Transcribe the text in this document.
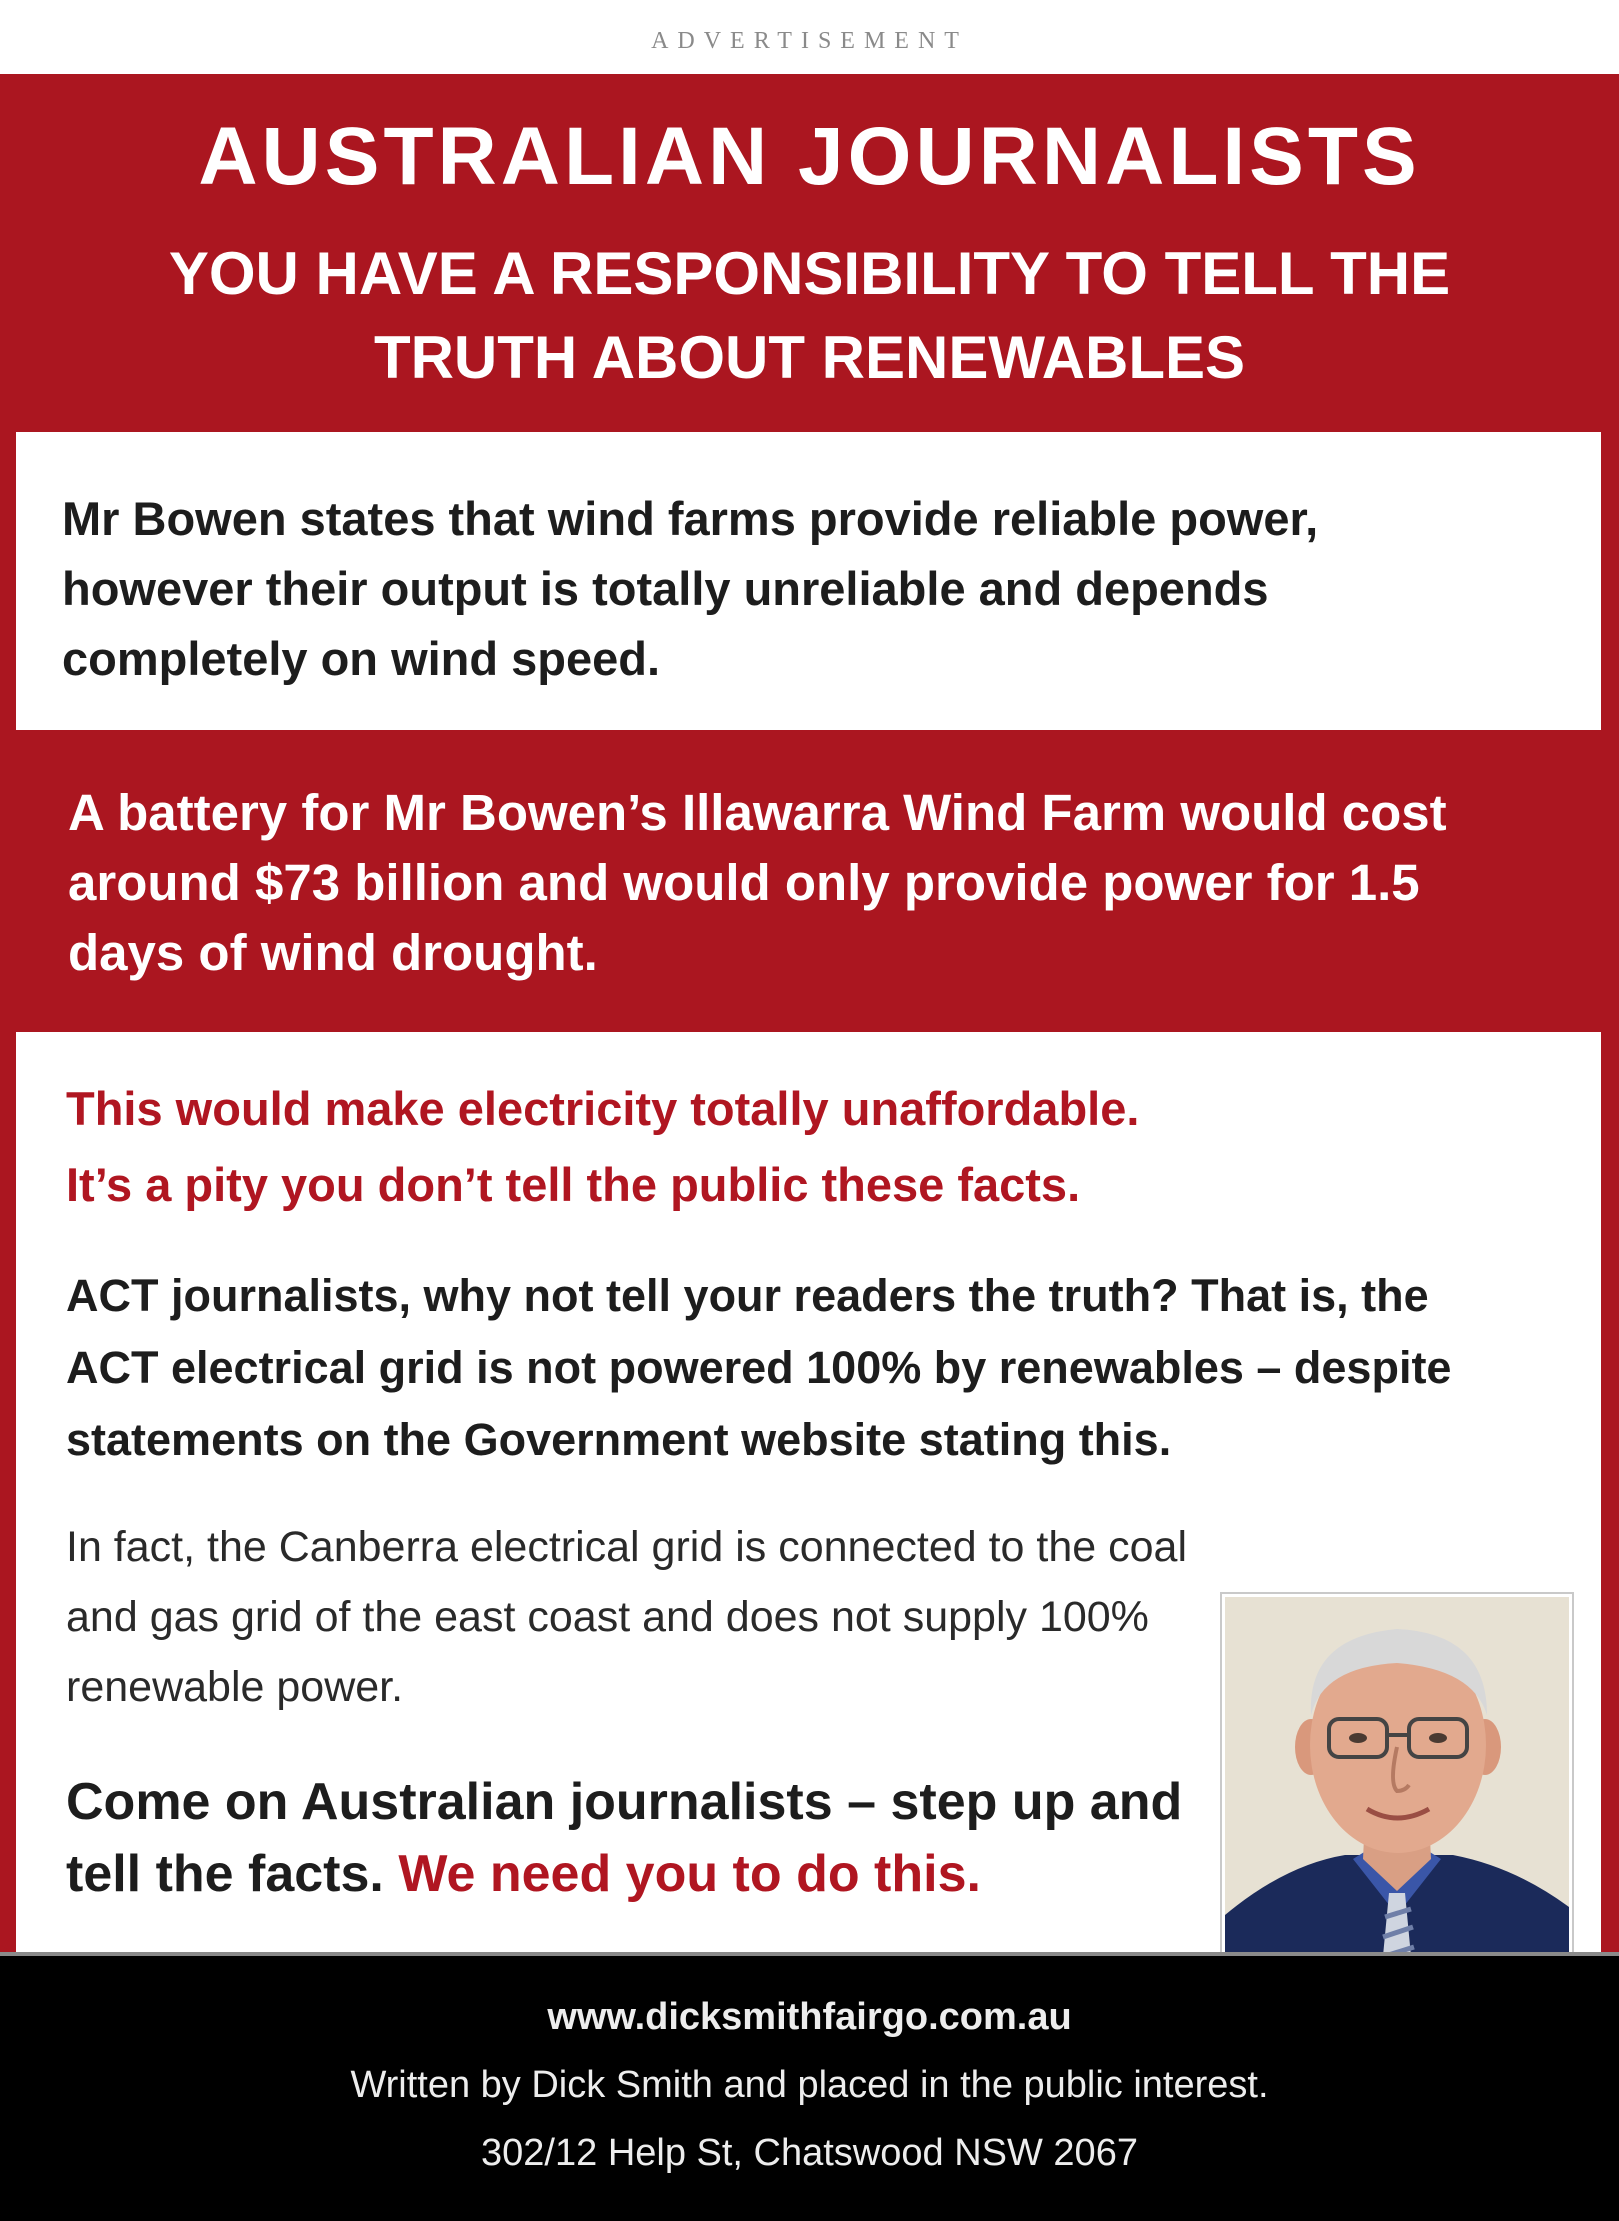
ADVERTISEMENT
AUSTRALIAN JOURNALISTS
YOU HAVE A RESPONSIBILITY TO TELL THE
TRUTH ABOUT RENEWABLES

Mr Bowen states that wind farms provide reliable power, however their output is totally unreliable and depends completely on wind speed.

A battery for Mr Bowen’s Illawarra Wind Farm would cost around $73 billion and would only provide power for 1.5 days of wind drought.

This would make electricity totally unaffordable.

It’s a pity you don’t tell the public these facts.

ACT journalists, why not tell your readers the truth? That is, the ACT electrical grid is not powered 100% by renewables – despite statements on the Government website stating this.

In fact, the Canberra electrical grid is connected to the coal and gas grid of the east coast and does not supply 100% renewable power.

Come on Australian journalists – step up and tell the facts. We need you to do this.

www.dicksmithfairgo.com.au

Written by Dick Smith and placed in the public interest.

302/12 Help St, Chatswood NSW 2067
